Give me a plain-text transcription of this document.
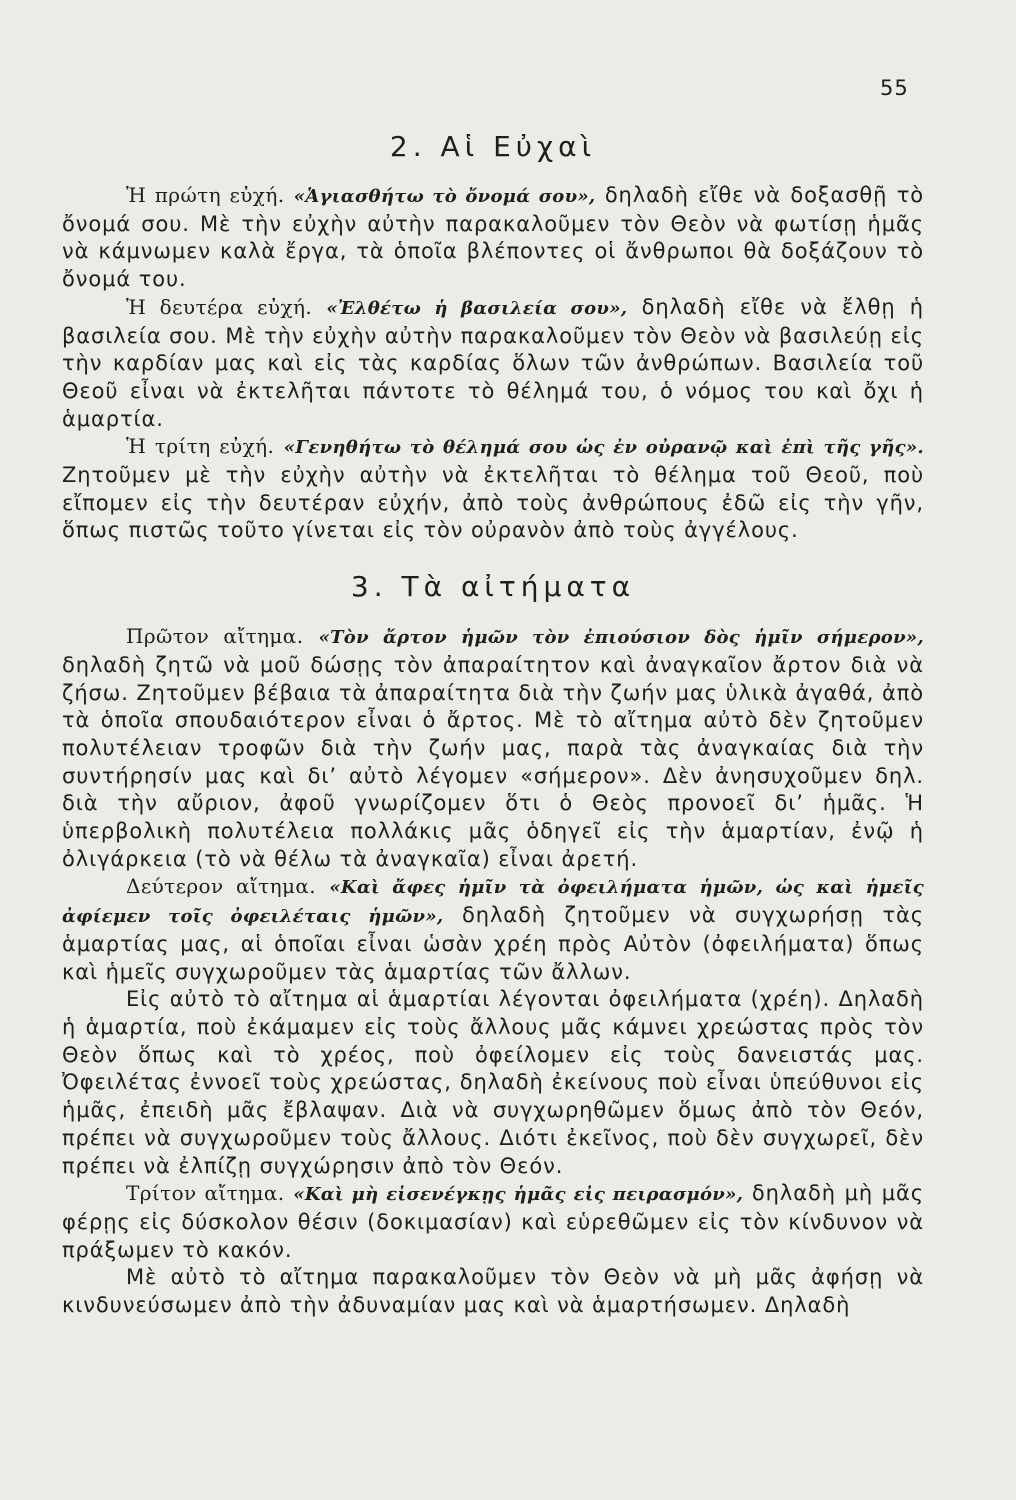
55
2. Αἱ Εὐχαὶ

Ἡ πρώτη εὐχή. «Ἁγιασθήτω τὸ ὄνομά σου», δηλαδὴ εἴθε νὰ δοξασθῇ τὸ ὄνομά σου. Μὲ τὴν εὐχὴν αὐτὴν παρακαλοῦμεν τὸν Θεὸν νὰ φωτίσῃ ἡμᾶς νὰ κάμνωμεν καλὰ ἔργα, τὰ ὁποῖα βλέποντες οἱ ἄνθρωποι θὰ δοξάζουν τὸ ὄνομά του.

Ἡ δευτέρα εὐχή. «Ἐλθέτω ἡ βασιλεία σου», δηλαδὴ εἴθε νὰ ἔλθῃ ἡ βασιλεία σου. Μὲ τὴν εὐχὴν αὐτὴν παρακαλοῦμεν τὸν Θεὸν νὰ βασιλεύῃ εἰς τὴν καρδίαν μας καὶ εἰς τὰς καρδίας ὅλων τῶν ἀνθρώπων. Βασιλεία τοῦ Θεοῦ εἶναι νὰ ἐκτελῆται πάντοτε τὸ θέλημά του, ὁ νόμος του καὶ ὄχι ἡ ἁμαρτία.

Ἡ τρίτη εὐχή. «Γενηθήτω τὸ θέλημά σου ὡς ἐν οὐρανῷ καὶ ἐπὶ τῆς γῆς». Ζητοῦμεν μὲ τὴν εὐχὴν αὐτὴν νὰ ἐκτελῆται τὸ θέλημα τοῦ Θεοῦ, ποὺ εἴπομεν εἰς τὴν δευτέραν εὐχήν, ἀπὸ τοὺς ἀνθρώπους ἐδῶ εἰς τὴν γῆν, ὅπως πιστῶς τοῦτο γίνεται εἰς τὸν οὐρανὸν ἀπὸ τοὺς ἀγγέλους.

3. Τὰ αἰτήματα

Πρῶτον αἴτημα. «Τὸν ἄρτον ἡμῶν τὸν ἐπιούσιον δὸς ἡμῖν σήμερον», δηλαδὴ ζητῶ νὰ μοῦ δώσῃς τὸν ἀπαραίτητον καὶ ἀναγκαῖον ἄρτον διὰ νὰ ζήσω. Ζητοῦμεν βέβαια τὰ ἀπαραίτητα διὰ τὴν ζωήν μας ὑλικὰ ἀγαθά, ἀπὸ τὰ ὁποῖα σπουδαιότερον εἶναι ὁ ἄρτος. Μὲ τὸ αἴτημα αὐτὸ δὲν ζητοῦμεν πολυτέλειαν τροφῶν διὰ τὴν ζωήν μας, παρὰ τὰς ἀναγκαίας διὰ τὴν συντήρησίν μας καὶ δι’ αὐτὸ λέγομεν «σήμερον». Δὲν ἀνησυχοῦμεν δηλ. διὰ τὴν αὔριον, ἀφοῦ γνωρίζομεν ὅτι ὁ Θεὸς προνοεῖ δι’ ἡμᾶς. Ἡ ὑπερβολικὴ πολυτέλεια πολλάκις μᾶς ὁδηγεῖ εἰς τὴν ἁμαρτίαν, ἐνῷ ἡ ὀλιγάρκεια (τὸ νὰ θέλω τὰ ἀναγκαῖα) εἶναι ἀρετή.

Δεύτερον αἴτημα. «Καὶ ἄφες ἡμῖν τὰ ὀφειλήματα ἡμῶν, ὡς καὶ ἡμεῖς ἀφίεμεν τοῖς ὀφειλέταις ἡμῶν», δηλαδὴ ζητοῦμεν νὰ συγχωρήσῃ τὰς ἁμαρτίας μας, αἱ ὁποῖαι εἶναι ὡσὰν χρέη πρὸς Αὐτὸν (ὀφειλήματα) ὅπως καὶ ἡμεῖς συγχωροῦμεν τὰς ἁμαρτίας τῶν ἄλλων.

Εἰς αὐτὸ τὸ αἴτημα αἱ ἁμαρτίαι λέγονται ὀφειλήματα (χρέη). Δηλαδὴ ἡ ἁμαρτία, ποὺ ἐκάμαμεν εἰς τοὺς ἄλλους μᾶς κάμνει χρεώστας πρὸς τὸν Θεὸν ὅπως καὶ τὸ χρέος, ποὺ ὀφείλομεν εἰς τοὺς δανειστάς μας. Ὀφειλέτας ἐννοεῖ τοὺς χρεώστας, δηλαδὴ ἐκείνους ποὺ εἶναι ὑπεύθυνοι εἰς ἡμᾶς, ἐπειδὴ μᾶς ἔβλαψαν. Διὰ νὰ συγχωρηθῶμεν ὅμως ἀπὸ τὸν Θεόν, πρέπει νὰ συγχωροῦμεν τοὺς ἄλλους. Διότι ἐκεῖνος, ποὺ δὲν συγχωρεῖ, δὲν πρέπει νὰ ἐλπίζῃ συγχώρησιν ἀπὸ τὸν Θεόν.

Τρίτον αἴτημα. «Καὶ μὴ εἰσενέγκῃς ἡμᾶς εἰς πειρασμόν», δηλαδὴ μὴ μᾶς φέρῃς εἰς δύσκολον θέσιν (δοκιμασίαν) καὶ εὑρεθῶμεν εἰς τὸν κίνδυνον νὰ πράξωμεν τὸ κακόν.

Μὲ αὐτὸ τὸ αἴτημα παρακαλοῦμεν τὸν Θεὸν νὰ μὴ μᾶς ἀφήσῃ νὰ κινδυνεύσωμεν ἀπὸ τὴν ἀδυναμίαν μας καὶ νὰ ἁμαρτήσωμεν. Δηλαδὴ
